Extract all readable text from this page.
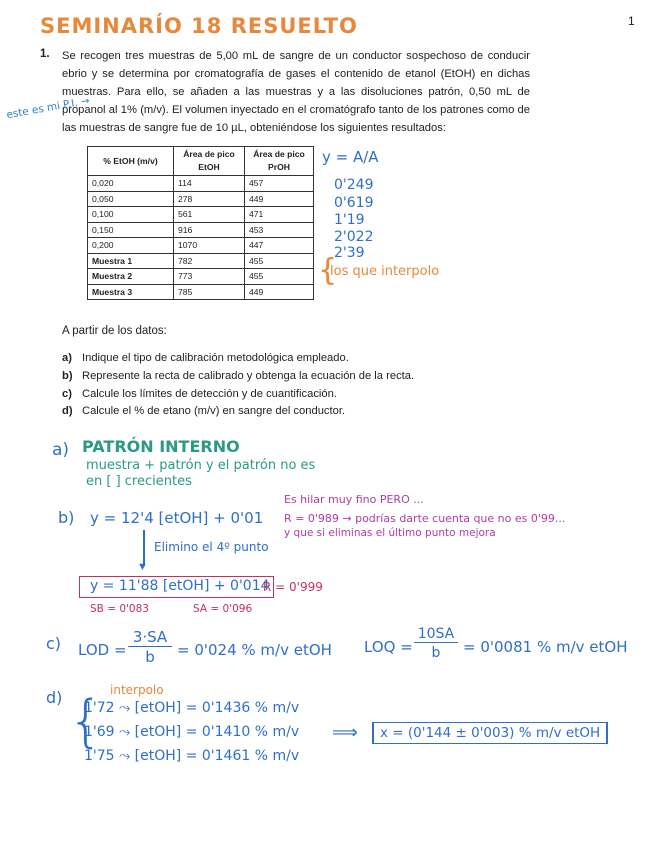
SEMINARÍO 18 RESUELTO	1
1. Se recogen tres muestras de 5,00 mL de sangre de un conductor sospechoso de conducir ebrio y se determina por cromatografía de gases el contenido de etanol (EtOH) en dichas muestras. Para ello, se añaden a las muestras y a las disoluciones patrón, 0,50 mL de propanol al 1% (m/v). El volumen inyectado en el cromatógrafo tanto de los patrones como de las muestras de sangre fue de 10 µL, obteniéndose los siguientes resultados:
este es mi P.I. →
% EtOH (m/v)	Área de pico EtOH	Área de pico PrOH
0,020	114	457
0,050	278	449
0,100	561	471
0,150	916	453
0,200	1070	447
Muestra 1	782	455
Muestra 2	773	455
Muestra 3	785	449
y = A/A
0'249
0'619
1'19
2'022
2'39
{
los que interpolo
A partir de los datos:
a) Indique el tipo de calibración metodológica empleado.
b) Represente la recta de calibrado y obtenga la ecuación de la recta.
c) Calcule los límites de detección y de cuantificación.
d) Calcule el % de etano (m/v) en sangre del conductor.
a) PATRÓN INTERNO
muestra + patrón y el patrón no es
en [ ] crecientes
b) y = 12'4 [etOH] + 0'01
▼
Elimino el 4º punto
Es hilar muy fino PERO ...
R = 0'989 → podrías darte cuenta que no es 0'99...
y que si eliminas el último punto mejora
y = 11'88 [etOH] + 0'014
R = 0'999
SB = 0'083	SA = 0'096
c) LOD =
3·SA
b	= 0'024 % m/v etOH LOQ =
10SA
b	= 0'0081 % m/v etOH
d)	interpolo
{
1'72 ⤳ [etOH] = 0'1436 % m/v
1'69 ⤳ [etOH] = 0'1410 % m/v
1'75 ⤳ [etOH] = 0'1461 % m/v
⟹	x = (0'144 ± 0'003) % m/v etOH
